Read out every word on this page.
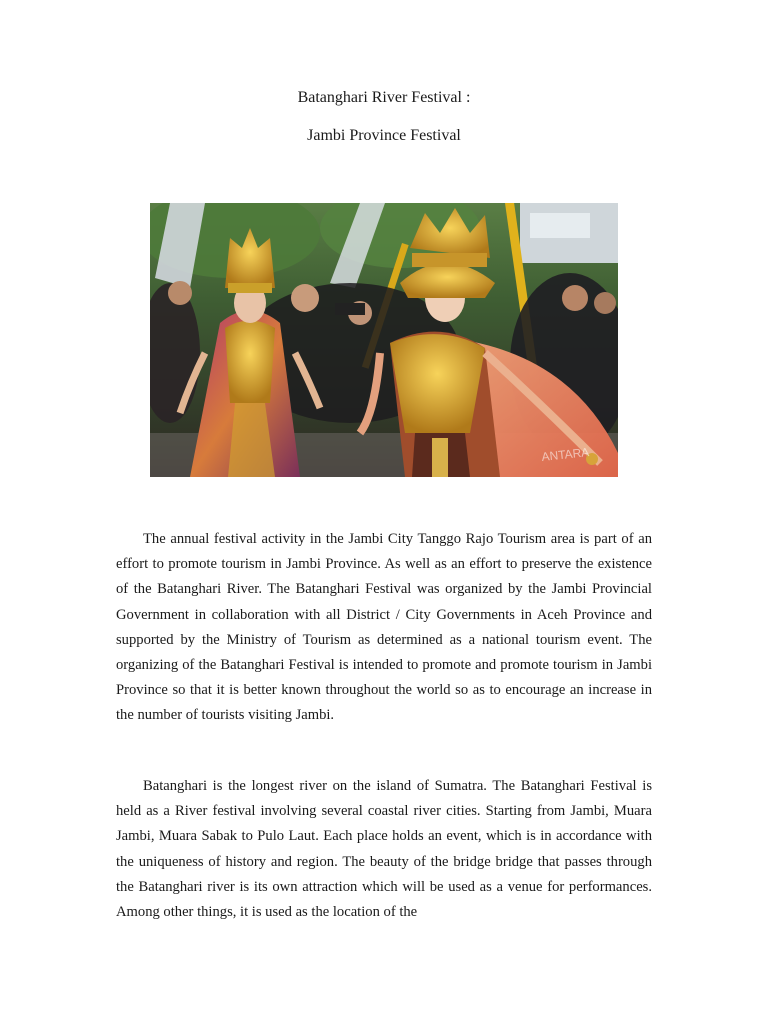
Batanghari River Festival :
Jambi Province Festival
ANTARA

The annual festival activity in the Jambi City Tanggo Rajo Tourism area is part of an effort to promote tourism in Jambi Province. As well as an effort to preserve the existence of the Batanghari River. The Batanghari Festival was organized by the Jambi Provincial Government in collaboration with all District / City Governments in Aceh Province and supported by the Ministry of Tourism as determined as a national tourism event. The organizing of the Batanghari Festival is intended to promote and promote tourism in Jambi Province so that it is better known throughout the world so as to encourage an increase in the number of tourists visiting Jambi.

Batanghari is the longest river on the island of Sumatra. The Batanghari Festival is held as a River festival involving several coastal river cities. Starting from Jambi, Muara Jambi, Muara Sabak to Pulo Laut. Each place holds an event, which is in accordance with the uniqueness of history and region. The beauty of the bridge bridge that passes through the Batanghari river is its own attraction which will be used as a venue for performances. Among other things, it is used as the location of the
